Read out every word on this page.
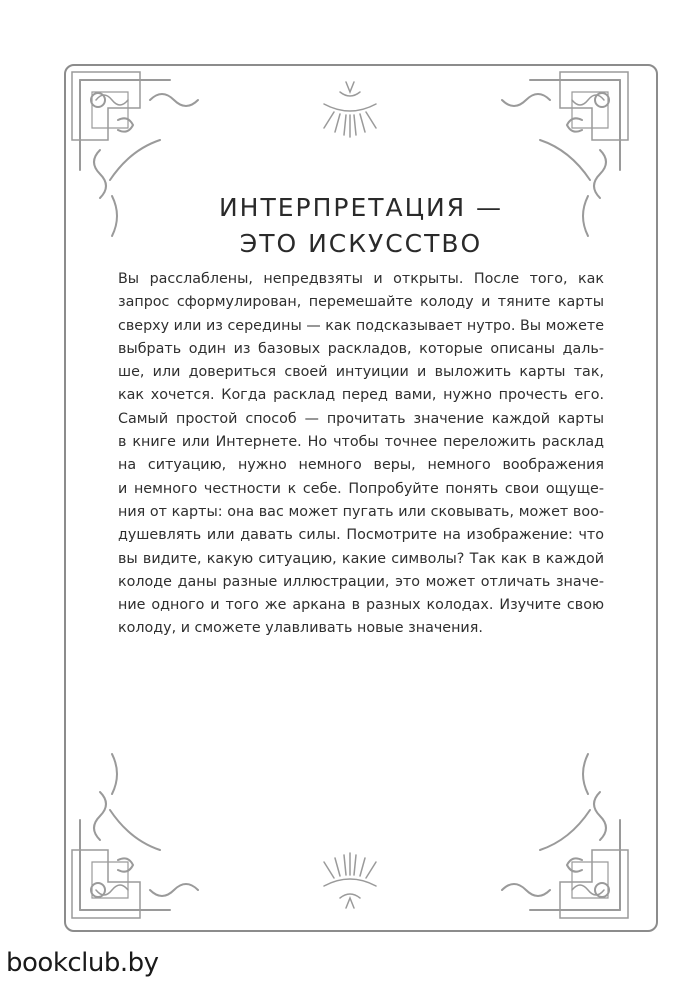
ИНТЕРПРЕТАЦИЯ —
ЭТО ИСКУССТВО
Вы расслаблены, непредвзяты и открыты. После того, как
запрос сформулирован, перемешайте колоду и тяните карты
сверху или из середины — как подсказывает нутро. Вы можете
выбрать один из базовых раскладов, которые описаны даль-
ше, или довериться своей интуиции и выложить карты так,
как хочется. Когда расклад перед вами, нужно прочесть его.
Самый простой способ — прочитать значение каждой карты
в книге или Интернете. Но чтобы точнее переложить расклад
на ситуацию, нужно немного веры, немного воображения
и немного честности к себе. Попробуйте понять свои ощуще-
ния от карты: она вас может пугать или сковывать, может воо-
душевлять или давать силы. Посмотрите на изображение: что
вы видите, какую ситуацию, какие символы? Так как в каждой
колоде даны разные иллюстрации, это может отличать значе-
ние одного и того же аркана в разных колодах. Изучите свою
колоду, и сможете улавливать новые значения.
bookclub.by
